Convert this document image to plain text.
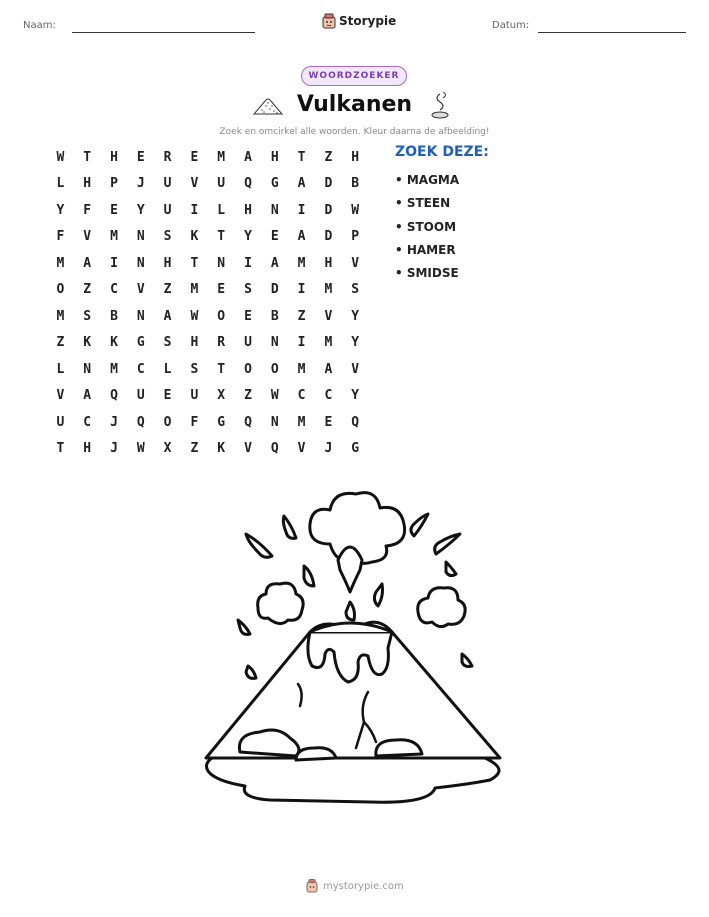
Naam:	Storypie	Datum:
WOORDZOEKER
Vulkanen
Zoek en omcirkel alle woorden. Kleur daarna de afbeelding!
W	T	H	E	R	E	M	A	H	T	Z	H
L	H	P	J	U	V	U	Q	G	A	D	B
Y	F	E	Y	U	I	L	H	N	I	D	W
F	V	M	N	S	K	T	Y	E	A	D	P
M	A	I	N	H	T	N	I	A	M	H	V
O	Z	C	V	Z	M	E	S	D	I	M	S
M	S	B	N	A	W	O	E	B	Z	V	Y
Z	K	K	G	S	H	R	U	N	I	M	Y
L	N	M	C	L	S	T	O	O	M	A	V
V	A	Q	U	E	U	X	Z	W	C	C	Y
U	C	J	Q	O	F	G	Q	N	M	E	Q
T	H	J	W	X	Z	K	V	Q	V	J	G
ZOEK DEZE:
• MAGMA
• STEEN
• STOOM
• HAMER
• SMIDSE
mystorypie.com
